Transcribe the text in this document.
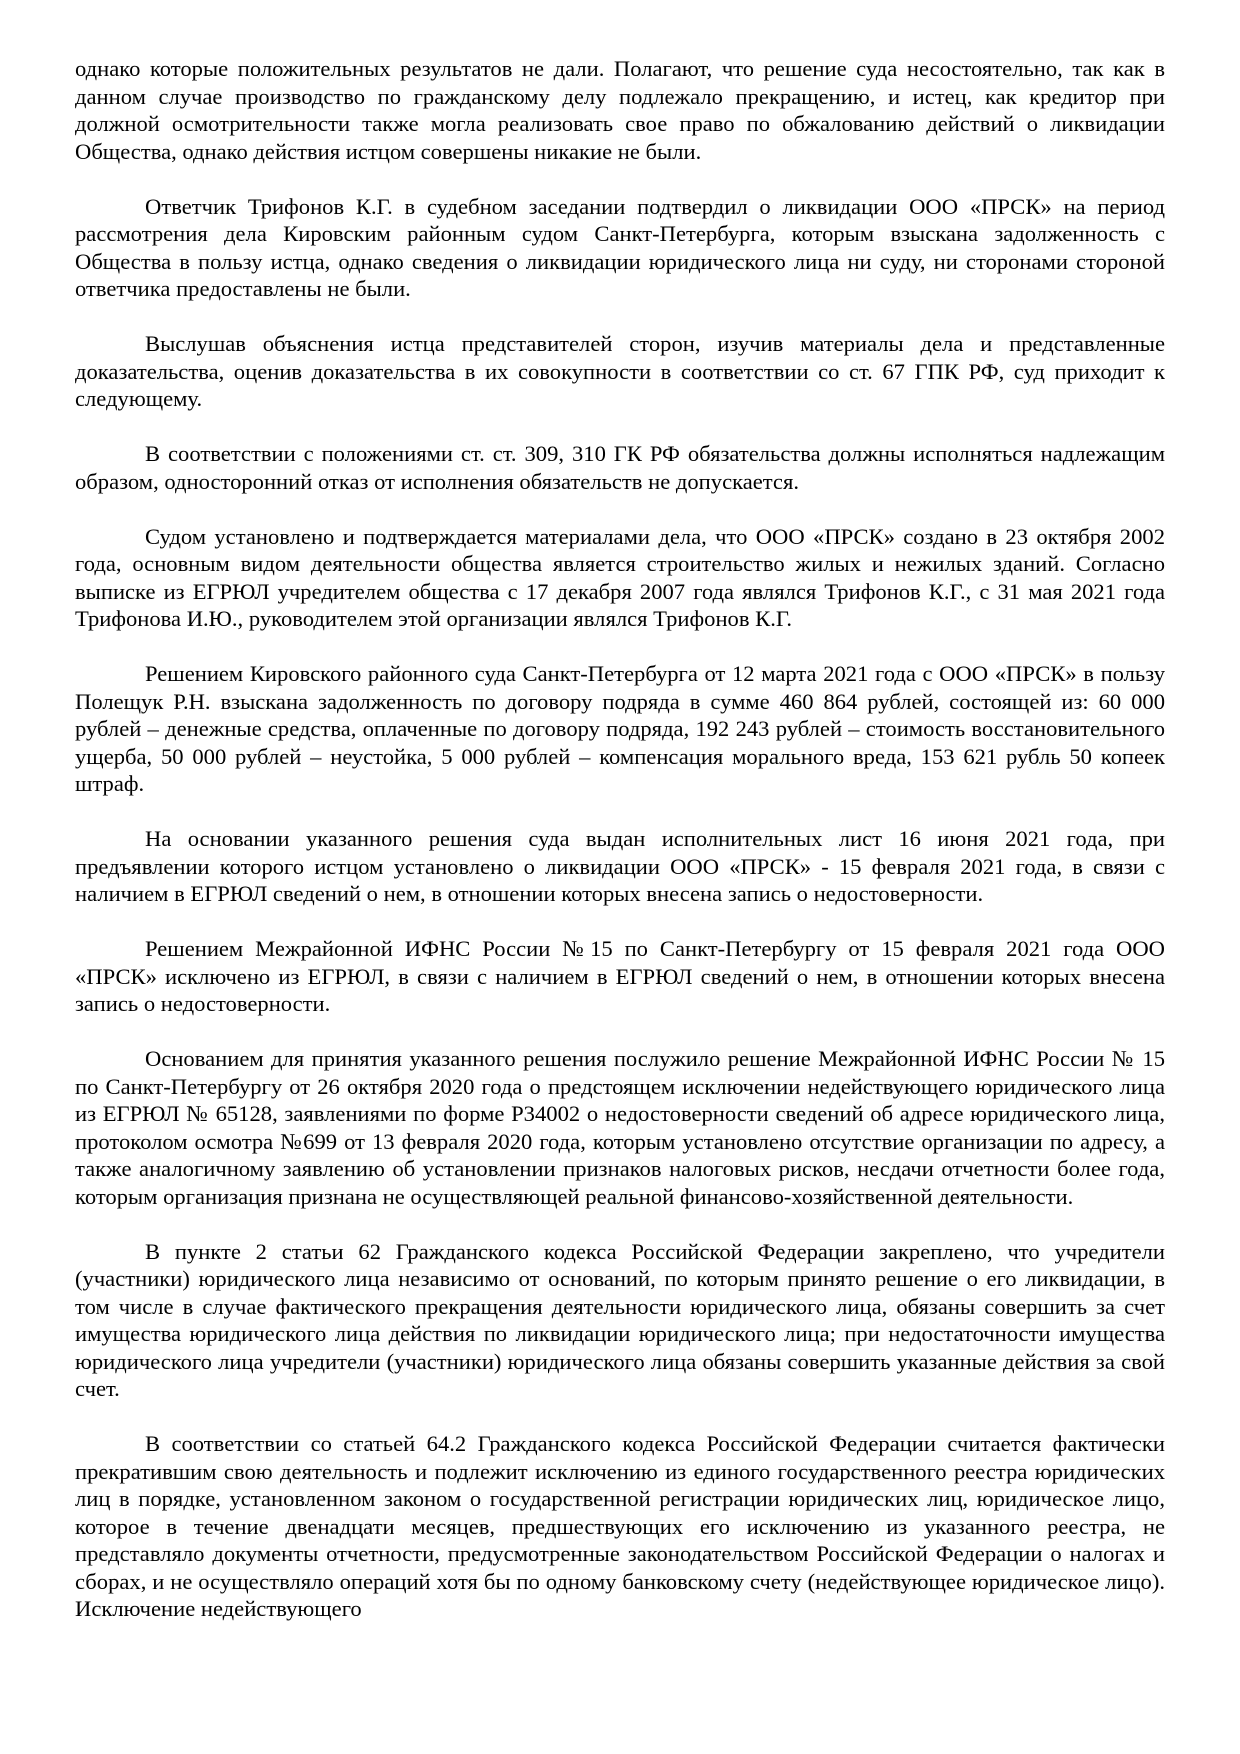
однако которые положительных результатов не дали. Полагают, что решение суда несостоятельно, так как в данном случае производство по гражданскому делу подлежало прекращению, и истец, как кредитор при должной осмотрительности также могла реализовать свое право по обжалованию действий о ликвидации Общества, однако действия истцом совершены никакие не были.

Ответчик Трифонов К.Г. в судебном заседании подтвердил о ликвидации ООО «ПРСК» на период рассмотрения дела Кировским районным судом Санкт-Петербурга, которым взыскана задолженность с Общества в пользу истца, однако сведения о ликвидации юридического лица ни суду, ни сторонами стороной ответчика предоставлены не были.

Выслушав объяснения истца представителей сторон, изучив материалы дела и представленные доказательства, оценив доказательства в их совокупности в соответствии со ст. 67 ГПК РФ, суд приходит к следующему.

В соответствии с положениями ст. ст. 309, 310 ГК РФ обязательства должны исполняться надлежащим образом, односторонний отказ от исполнения обязательств не допускается.

Судом установлено и подтверждается материалами дела, что ООО «ПРСК» создано в 23 октября 2002 года, основным видом деятельности общества является строительство жилых и нежилых зданий. Согласно выписке из ЕГРЮЛ учредителем общества с 17 декабря 2007 года являлся Трифонов К.Г., с 31 мая 2021 года Трифонова И.Ю., руководителем этой организации являлся Трифонов К.Г.

Решением Кировского районного суда Санкт-Петербурга от 12 марта 2021 года с ООО «ПРСК» в пользу Полещук Р.Н. взыскана задолженность по договору подряда в сумме 460 864 рублей, состоящей из: 60 000 рублей – денежные средства, оплаченные по договору подряда, 192 243 рублей – стоимость восстановительного ущерба, 50 000 рублей – неустойка, 5 000 рублей – компенсация морального вреда, 153 621 рубль 50 копеек штраф.

На основании указанного решения суда выдан исполнительных лист 16 июня 2021 года, при предъявлении которого истцом установлено о ликвидации ООО «ПРСК» - 15 февраля 2021 года, в связи с наличием в ЕГРЮЛ сведений о нем, в отношении которых внесена запись о недостоверности.

Решением Межрайонной ИФНС России №15 по Санкт-Петербургу от 15 февраля 2021 года ООО «ПРСК» исключено из ЕГРЮЛ, в связи с наличием в ЕГРЮЛ сведений о нем, в отношении которых внесена запись о недостоверности.

Основанием для принятия указанного решения послужило решение Межрайонной ИФНС России № 15 по Санкт-Петербургу от 26 октября 2020 года о предстоящем исключении недействующего юридического лица из ЕГРЮЛ № 65128, заявлениями по форме Р34002 о недостоверности сведений об адресе юридического лица, протоколом осмотра №699 от 13 февраля 2020 года, которым установлено отсутствие организации по адресу, а также аналогичному заявлению об установлении признаков налоговых рисков, несдачи отчетности более года, которым организация признана не осуществляющей реальной финансово-хозяйственной деятельности.

В пункте 2 статьи 62 Гражданского кодекса Российской Федерации закреплено, что учредители (участники) юридического лица независимо от оснований, по которым принято решение о его ликвидации, в том числе в случае фактического прекращения деятельности юридического лица, обязаны совершить за счет имущества юридического лица действия по ликвидации юридического лица; при недостаточности имущества юридического лица учредители (участники) юридического лица обязаны совершить указанные действия за свой счет.

В соответствии со статьей 64.2 Гражданского кодекса Российской Федерации считается фактически прекратившим свою деятельность и подлежит исключению из единого государственного реестра юридических лиц в порядке, установленном законом о государственной регистрации юридических лиц, юридическое лицо, которое в течение двенадцати месяцев, предшествующих его исключению из указанного реестра, не представляло документы отчетности, предусмотренные законодательством Российской Федерации о налогах и сборах, и не осуществляло операций хотя бы по одному банковскому счету (недействующее юридическое лицо). Исключение недействующего
